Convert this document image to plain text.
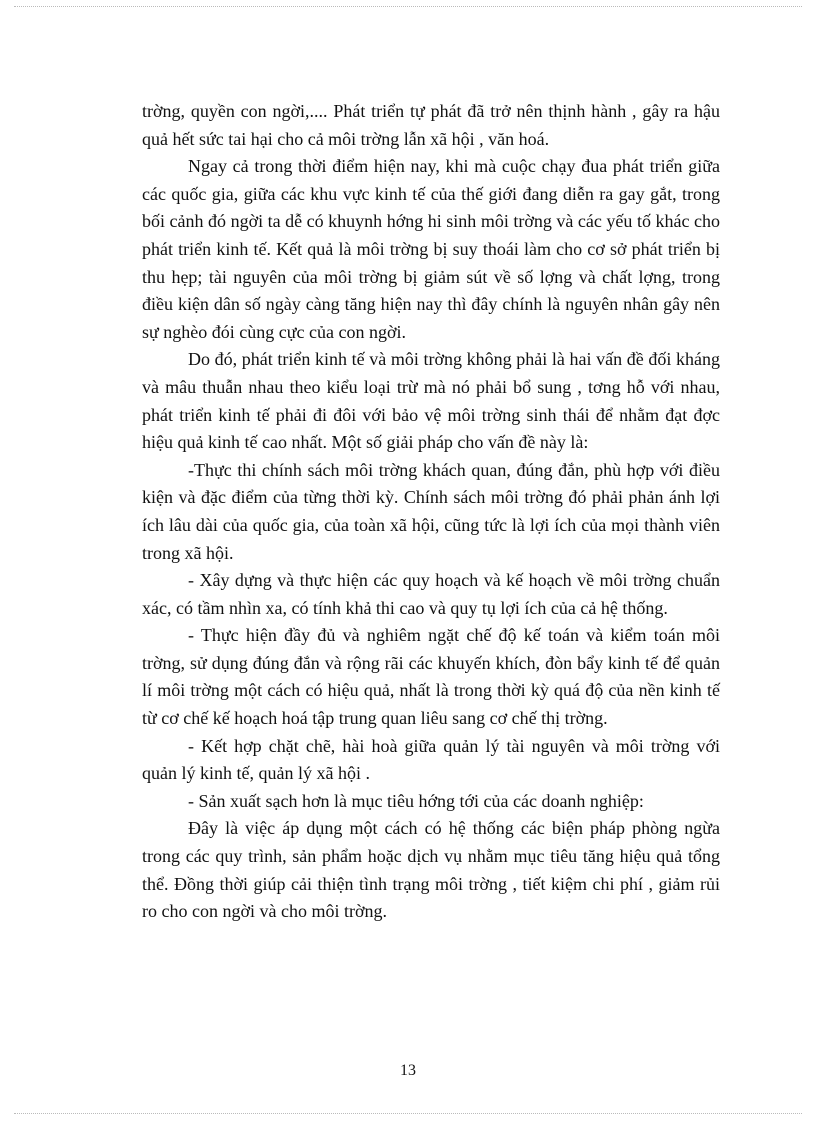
trờng, quyền con ngời,.... Phát triển tự phát đã trở nên thịnh hành , gây ra hậu quả hết sức tai hại cho cả môi trờng lẫn xã hội , văn hoá.

Ngay cả trong thời điểm hiện nay, khi mà cuộc chạy đua phát triển giữa các quốc gia, giữa các khu vực kinh tế của thế giới đang diễn ra gay gắt, trong bối cảnh đó ngời ta dễ có khuynh hớng hi sinh môi trờng và các yếu tố khác cho phát triển kinh tế. Kết quả là môi trờng bị suy thoái làm cho cơ sở phát triển bị thu hẹp; tài nguyên của môi trờng bị giảm sút về số lợng và chất lợng, trong điều kiện dân số ngày càng tăng hiện nay thì đây chính là nguyên nhân gây nên sự nghèo đói cùng cực của con ngời.

Do đó, phát triển kinh tế và môi trờng không phải là hai vấn đề đối kháng và mâu thuẫn nhau theo kiểu loại trừ mà nó phải bổ sung , tơng hỗ với nhau, phát triển kinh tế phải đi đôi với bảo vệ môi trờng sinh thái để nhằm đạt đợc hiệu quả kinh tế cao nhất. Một số giải pháp cho vấn đề này là:

-Thực thi chính sách môi trờng khách quan, đúng đắn, phù hợp với điều kiện và đặc điểm của từng thời kỳ. Chính sách môi trờng đó phải phản ánh lợi ích lâu dài của quốc gia, của toàn xã hội, cũng tức là lợi ích của mọi thành viên trong xã hội.

- Xây dựng và thực hiện các quy hoạch và kế hoạch về môi trờng chuẩn xác, có tầm nhìn xa, có tính khả thi cao và quy tụ lợi ích của cả hệ thống.

- Thực hiện đầy đủ và nghiêm ngặt chế độ kế toán và kiểm toán môi trờng, sử dụng đúng đắn và rộng rãi các khuyến khích, đòn bẩy kinh tế để quản lí môi trờng một cách có hiệu quả, nhất là trong thời kỳ quá độ của nền kinh tế từ cơ chế kế hoạch hoá tập trung quan liêu sang cơ chế thị trờng.

- Kết hợp chặt chẽ, hài hoà giữa quản lý tài nguyên và môi trờng với quản lý kinh tế, quản lý xã hội .

- Sản xuất sạch hơn là mục tiêu hớng tới của các doanh nghiệp:

Đây là việc áp dụng một cách có hệ thống các biện pháp phòng ngừa trong các quy trình, sản phẩm hoặc dịch vụ nhằm mục tiêu tăng hiệu quả tổng thể. Đồng thời giúp cải thiện tình trạng môi trờng , tiết kiệm chi phí , giảm rủi ro cho con ngời và cho môi trờng.

13
